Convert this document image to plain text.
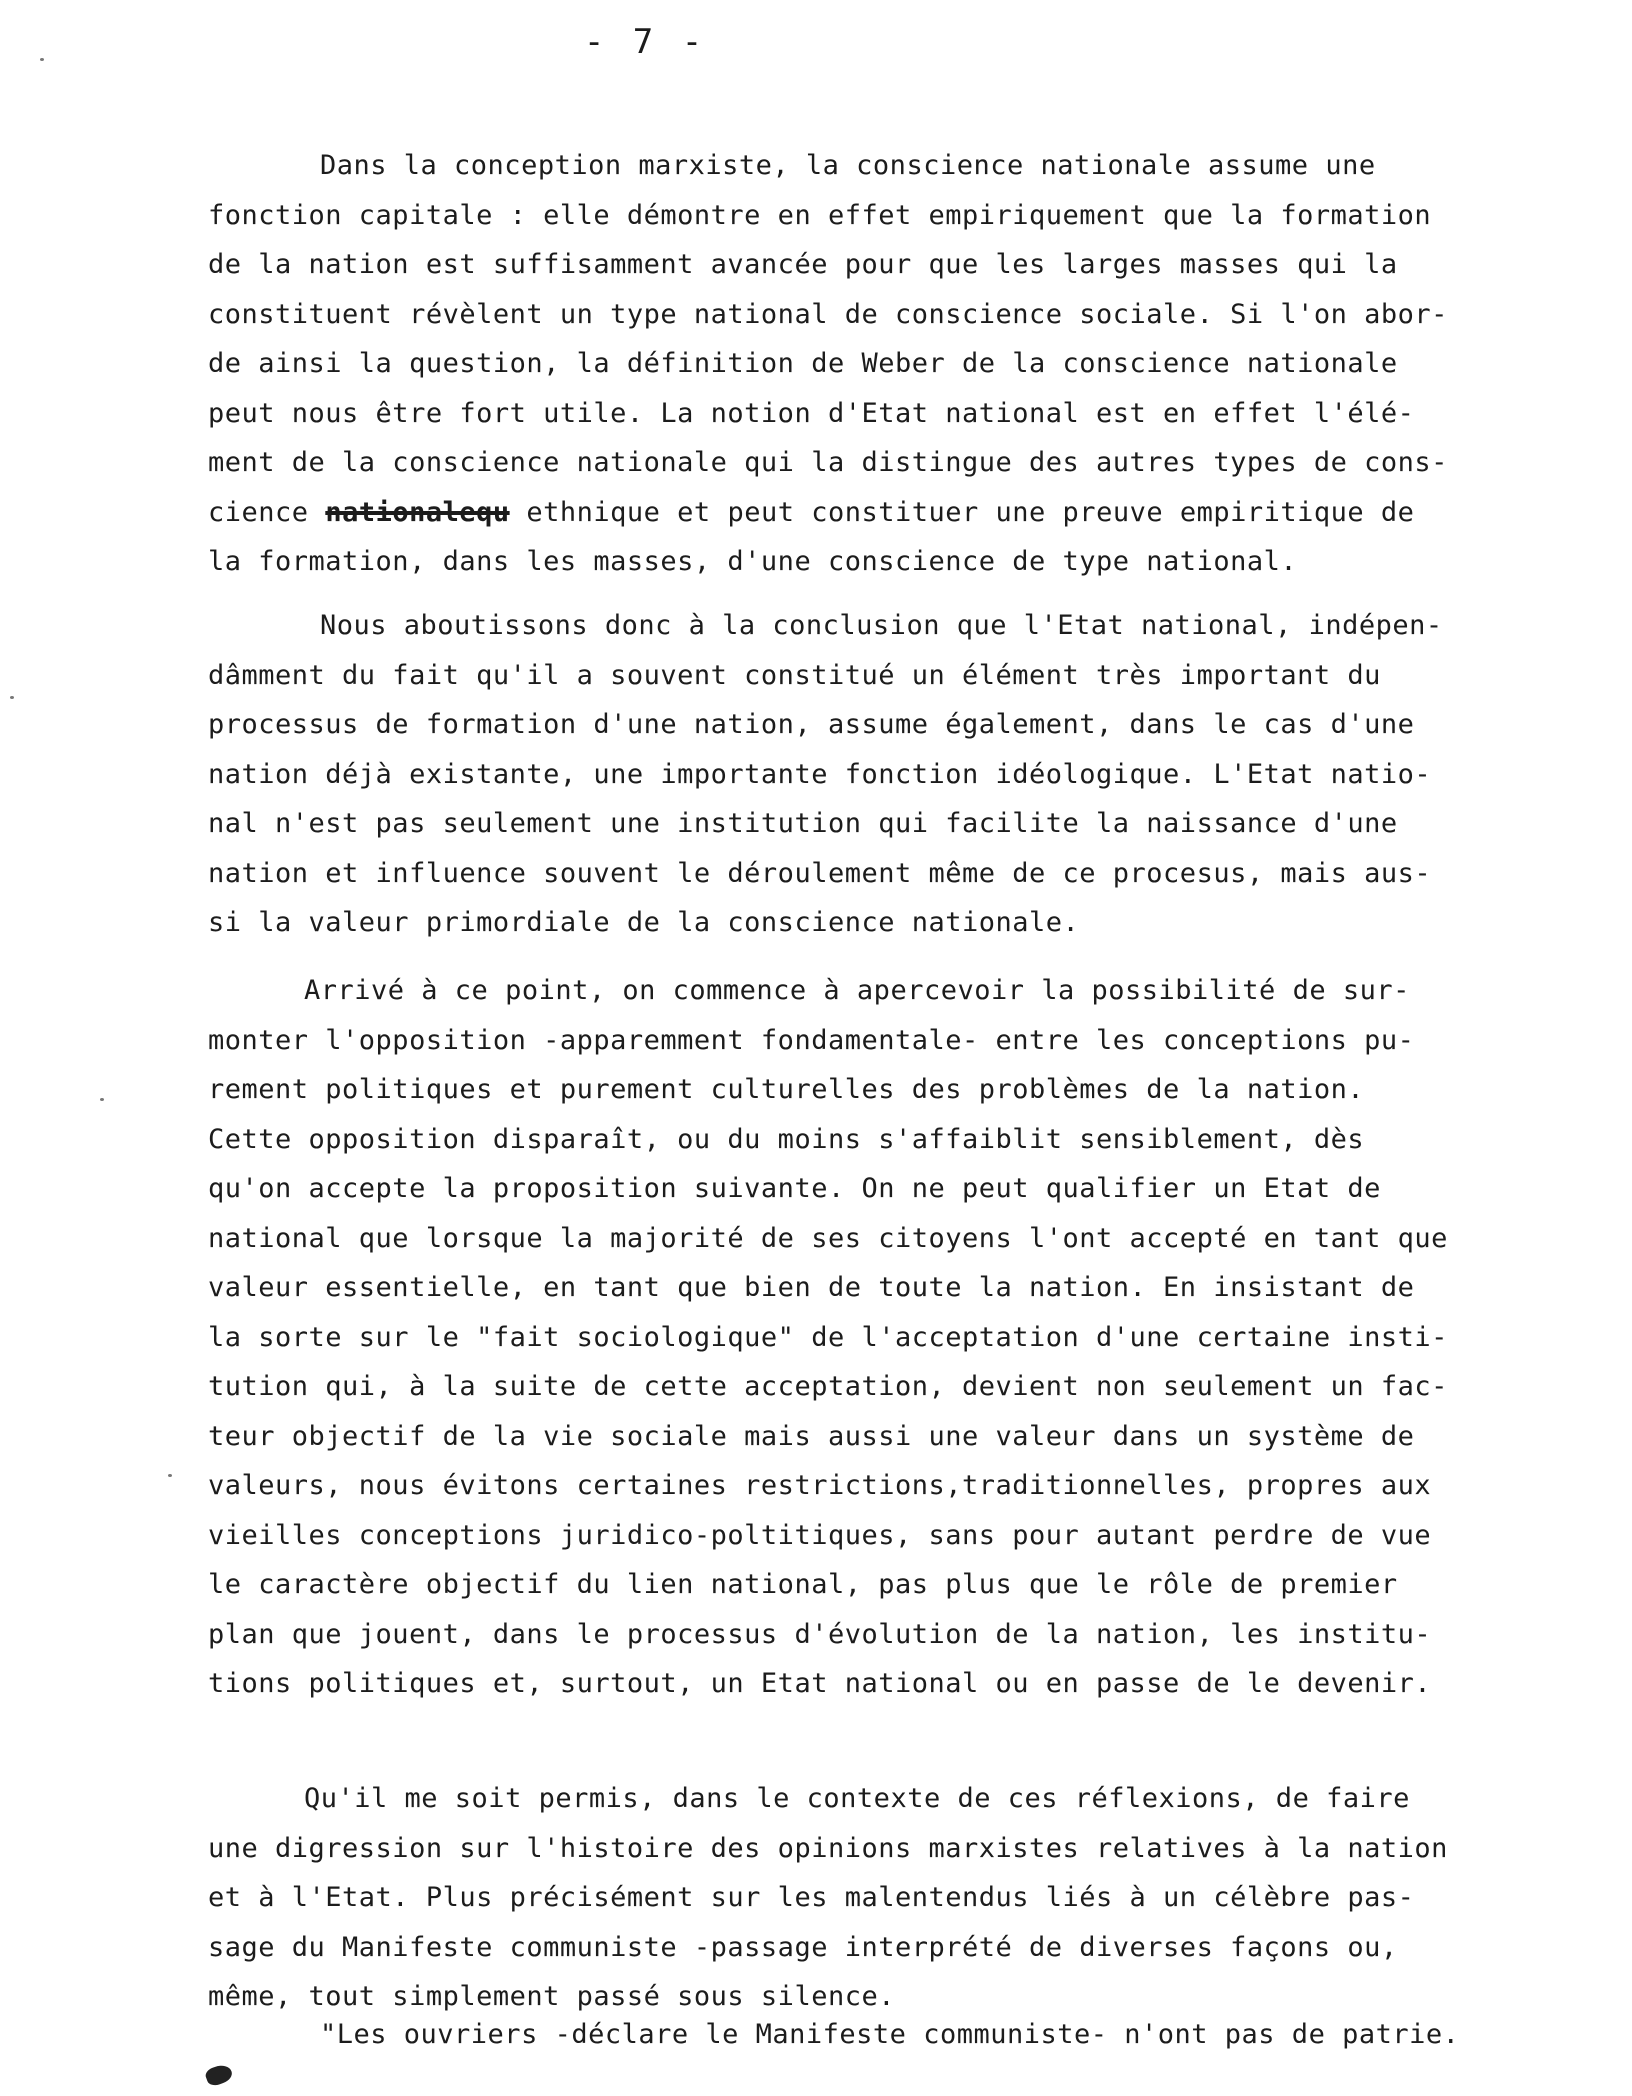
- 7 -
Dans la conception marxiste, la conscience nationale assume une
fonction capitale : elle démontre en effet empiriquement que la formation
de la nation est suffisamment avancée pour que les larges masses qui la
constituent révèlent un type national de conscience sociale. Si l'on abor-
de ainsi la question, la définition de Weber de la conscience nationale
peut nous être fort utile. La notion d'Etat national est en effet l'élé-
ment de la conscience nationale qui la distingue des autres types de cons-
cience nationalequ ethnique et peut constituer une preuve empiritique de
la formation, dans les masses, d'une conscience de type national.
Nous aboutissons donc à la conclusion que l'Etat national, indépen-
dâmment du fait qu'il a souvent constitué un élément très important du
processus de formation d'une nation, assume également, dans le cas d'une
nation déjà existante, une importante fonction idéologique. L'Etat natio-
nal n'est pas seulement une institution qui facilite la naissance d'une
nation et influence souvent le déroulement même de ce procesus, mais aus-
si la valeur primordiale de la conscience nationale.
Arrivé à ce point, on commence à apercevoir la possibilité de sur-
monter l'opposition -apparemment fondamentale- entre les conceptions pu-
rement politiques et purement culturelles des problèmes de la nation.
Cette opposition disparaît, ou du moins s'affaiblit sensiblement, dès
qu'on accepte la proposition suivante. On ne peut qualifier un Etat de
national que lorsque la majorité de ses citoyens l'ont accepté en tant que
valeur essentielle, en tant que bien de toute la nation. En insistant de
la sorte sur le "fait sociologique" de l'acceptation d'une certaine insti-
tution qui, à la suite de cette acceptation, devient non seulement un fac-
teur objectif de la vie sociale mais aussi une valeur dans un système de
valeurs, nous évitons certaines restrictions,traditionnelles, propres aux
vieilles conceptions juridico-poltitiques, sans pour autant perdre de vue
le caractère objectif du lien national, pas plus que le rôle de premier
plan que jouent, dans le processus d'évolution de la nation, les institu-
tions politiques et, surtout, un Etat national ou en passe de le devenir.
Qu'il me soit permis, dans le contexte de ces réflexions, de faire
une digression sur l'histoire des opinions marxistes relatives à la nation
et à l'Etat. Plus précisément sur les malentendus liés à un célèbre pas-
sage du Manifeste communiste -passage interprété de diverses façons ou,
même, tout simplement passé sous silence.
"Les ouvriers -déclare le Manifeste communiste- n'ont pas de patrie.
